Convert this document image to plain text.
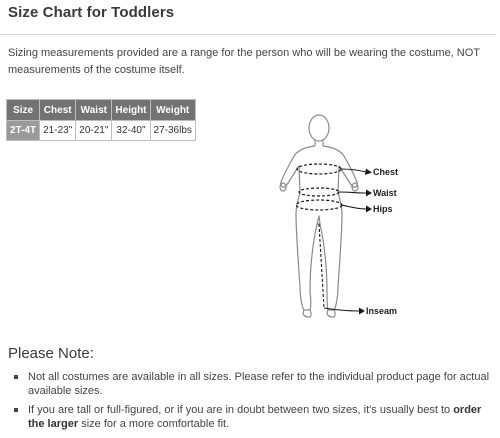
Size Chart for Toddlers
Sizing measurements provided are a range for the person who will be wearing the costume, NOT measurements of the costume itself.
Size	Chest	Waist	Height	Weight
2T-4T	21-23"	20-21"	32-40"	27-36lbs
Chest
Waist
Hips
Inseam
Please Note:
Not all costumes are available in all sizes. Please refer to the individual product page for actual available sizes.
If you are tall or full-figured, or if you are in doubt between two sizes, it's usually best to order the larger size for a more comfortable fit.
